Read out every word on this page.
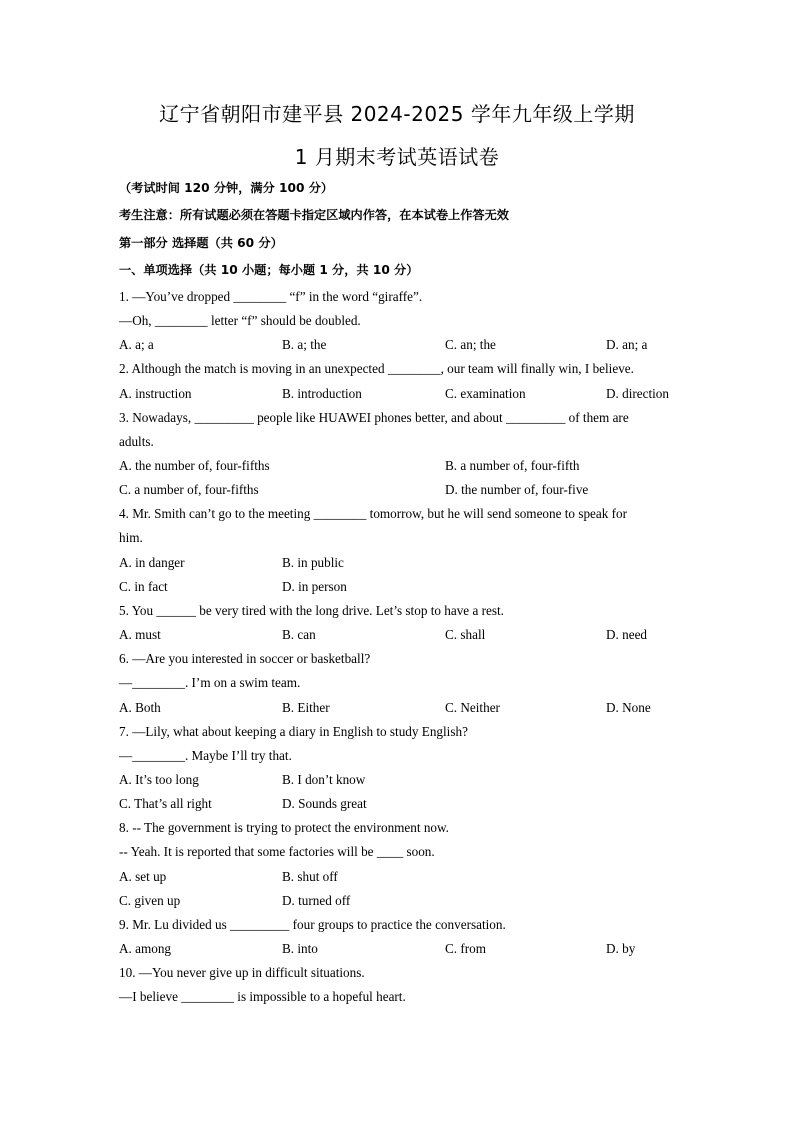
辽宁省朝阳市建平县 2024-2025 学年九年级上学期
1 月期末考试英语试卷
（考试时间 120 分钟，满分 100 分）
考生注意：所有试题必须在答题卡指定区域内作答，在本试卷上作答无效
第一部分 选择题（共 60 分）
一、单项选择（共 10 小题；每小题 1 分，共 10 分）
1. —You’ve dropped ________ “f” in the word “giraffe”.
—Oh, ________ letter “f” should be doubled.
A. a; a	B. a; the	C. an; the	D. an; a
2. Although the match is moving in an unexpected ________, our team will finally win, I believe.
A. instruction	B. introduction	C. examination	D. direction
3. Nowadays, _________ people like HUAWEI phones better, and about _________ of them are
adults.
A. the number of, four-fifths	B. a number of, four-fifth
C. a number of, four-fifths	D. the number of, four-five
4. Mr. Smith can’t go to the meeting ________ tomorrow, but he will send someone to speak for
him.
A. in danger	B. in public
C. in fact	D. in person
5. You ______ be very tired with the long drive. Let’s stop to have a rest.
A. must	B. can	C. shall	D. need
6. —Are you interested in soccer or basketball?
—________. I’m on a swim team.
A. Both	B. Either	C. Neither	D. None
7. —Lily, what about keeping a diary in English to study English?
—________. Maybe I’ll try that.
A. It’s too long	B. I don’t know
C. That’s all right	D. Sounds great
8. -- The government is trying to protect the environment now.
-- Yeah. It is reported that some factories will be ____ soon.
A. set up	B. shut off
C. given up	D. turned off
9. Mr. Lu divided us _________ four groups to practice the conversation.
A. among	B. into	C. from	D. by
10. —You never give up in difficult situations.
—I believe ________ is impossible to a hopeful heart.
